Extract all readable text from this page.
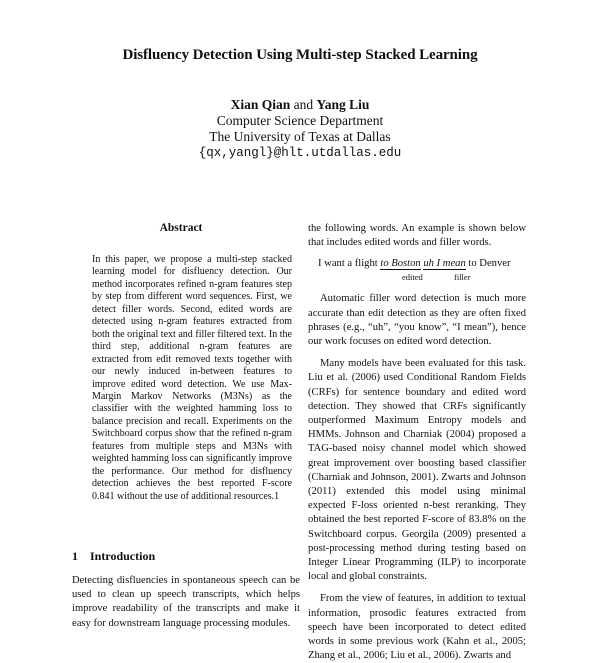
Disfluency Detection Using Multi-step Stacked Learning
Xian Qian and Yang Liu
Computer Science Department
The University of Texas at Dallas
{qx,yangl}@hlt.utdallas.edu
Abstract
In this paper, we propose a multi-step stacked learning model for disfluency detection. Our method incorporates refined n-gram features step by step from different word sequences. First, we detect filler words. Second, edited words are detected using n-gram features extracted from both the original text and filler filtered text. In the third step, additional n-gram features are extracted from edit removed texts together with our newly induced in-between features to improve edited word detection. We use Max-Margin Markov Networks (M3Ns) as the classifier with the weighted hamming loss to balance precision and recall. Experiments on the Switchboard corpus show that the refined n-gram features from multiple steps and M3Ns with weighted hamming loss can significantly improve the performance. Our method for disfluency detection achieves the best reported F-score 0.841 without the use of additional resources.1
1 Introduction
Detecting disfluencies in spontaneous speech can be used to clean up speech transcripts, which helps improve readability of the transcripts and make it easy for downstream language processing modules.

the following words. An example is shown below that includes edited words and filler words.

I want a flight to Boston uh I mean to Denver
edited	filler

Automatic filler word detection is much more accurate than edit detection as they are often fixed phrases (e.g., “uh”, “you know”, “I mean”), hence our work focuses on edited word detection.

Many models have been evaluated for this task. Liu et al. (2006) used Conditional Random Fields (CRFs) for sentence boundary and edited word detection. They showed that CRFs significantly outperformed Maximum Entropy models and HMMs. Johnson and Charniak (2004) proposed a TAG-based noisy channel model which showed great improvement over boosting based classifier (Charniak and Johnson, 2001). Zwarts and Johnson (2011) extended this model using minimal expected F-loss oriented n-best reranking. They obtained the best reported F-score of 83.8% on the Switchboard corpus. Georgila (2009) presented a post-processing method during testing based on Integer Linear Programming (ILP) to incorporate local and global constraints.

From the view of features, in addition to textual information, prosodic features extracted from speech have been incorporated to detect edited words in some previous work (Kahn et al., 2005; Zhang et al., 2006; Liu et al., 2006). Zwarts and
